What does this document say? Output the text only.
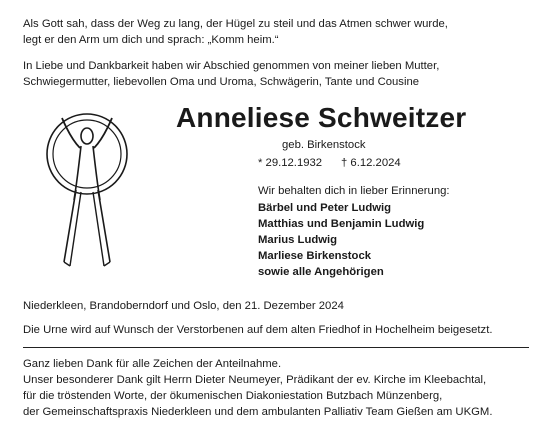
Als Gott sah, dass der Weg zu lang, der Hügel zu steil und das Atmen schwer wurde,
legt er den Arm um dich und sprach: „Komm heim.“
In Liebe und Dankbarkeit haben wir Abschied genommen von meiner lieben Mutter,
Schwiegermutter, liebevollen Oma und Uroma, Schwägerin, Tante und Cousine
Anneliese Schweitzer
geb. Birkenstock
* 29.12.1932 † 6.12.2024
Wir behalten dich in lieber Erinnerung:
Bärbel und Peter Ludwig
Matthias und Benjamin Ludwig
Marius Ludwig
Marliese Birkenstock
sowie alle Angehörigen
Niederkleen, Brandoberndorf und Oslo, den 21. Dezember 2024
Die Urne wird auf Wunsch der Verstorbenen auf dem alten Friedhof in Hochelheim beigesetzt.
Ganz lieben Dank für alle Zeichen der Anteilnahme.
Unser besonderer Dank gilt Herrn Dieter Neumeyer, Prädikant der ev. Kirche im Kleebachtal,
für die tröstenden Worte, der ökumenischen Diakoniestation Butzbach Münzenberg,
der Gemeinschaftspraxis Niederkleen und dem ambulanten Palliativ Team Gießen am UKGM.
